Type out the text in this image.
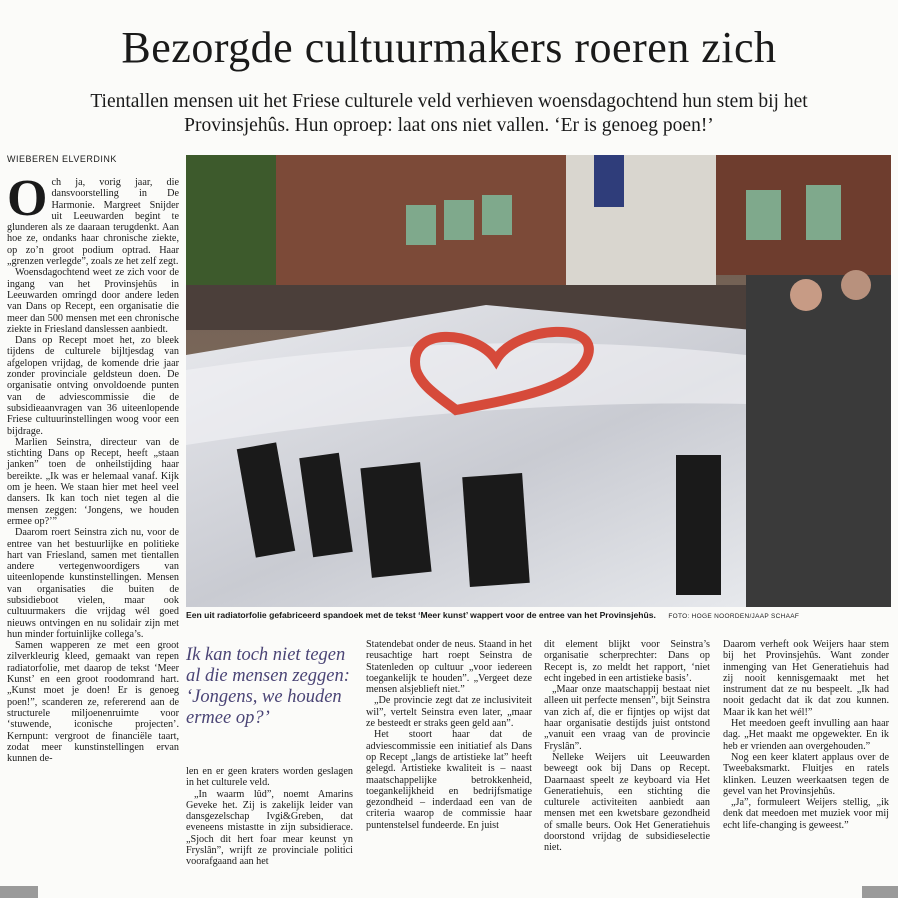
Bezorgde cultuurmakers roeren zich

Tientallen mensen uit het Friese culturele veld verhieven woensdagochtend hun stem bij het Provinsjehûs. Hun oproep: laat ons niet vallen. ‘Er is genoeg poen!’

WIEBEREN ELVERDINK

Och ja, vorig jaar, die dansvoorstelling in De Harmonie. Margreet Snijder uit Leeuwarden begint te glunderen als ze daaraan terugdenkt. Aan hoe ze, ondanks haar chronische ziekte, op zo’n groot podium optrad. Haar „grenzen verlegde”, zoals ze het zelf zegt.

Woensdagochtend weet ze zich voor de ingang van het Provinsjehûs in Leeuwarden omringd door andere leden van Dans op Recept, een organisatie die meer dan 500 mensen met een chronische ziekte in Friesland danslessen aanbiedt.

Dans op Recept moet het, zo bleek tijdens de culturele bijltjesdag van afgelopen vrijdag, de komende drie jaar zonder provinciale geldsteun doen. De organisatie ontving onvoldoende punten van de adviescommissie die de subsidieaanvragen van 36 uiteenlopende Friese cultuurinstellingen woog voor een bijdrage.

Marlien Seinstra, directeur van de stichting Dans op Recept, heeft „staan janken” toen de onheilstijding haar bereikte. „Ik was er helemaal vanaf. Kijk om je heen. We staan hier met heel veel dansers. Ik kan toch niet tegen al die mensen zeggen: ‘Jongens, we houden ermee op?’”

Daarom roert Seinstra zich nu, voor de entree van het bestuurlijke en politieke hart van Friesland, samen met tientallen andere vertegenwoordigers van uiteenlopende kunstinstellingen. Mensen van organisaties die buiten de subsidieboot vielen, maar ook cultuurmakers die vrijdag wél goed nieuws ontvingen en nu solidair zijn met hun minder fortuinlijke collega’s.

Samen wapperen ze met een groot zilverkleurig kleed, gemaakt van repen radiatorfolie, met daarop de tekst ‘Meer Kunst’ en een groot roodomrand hart. „Kunst moet je doen! Er is genoeg poen!”, scanderen ze, refererend aan de structurele miljoenenruimte voor ‘stuwende, iconische projecten’. Kernpunt: vergroot de financiële taart, zodat meer kunstinstellingen ervan kunnen de-

Een uit radiatorfolie gefabriceerd spandoek met de tekst ‘Meer kunst’ wappert voor de entree van het Provinsjehûs. FOTO: HOGE NOORDEN/JAAP SCHAAF
Ik kan toch niet tegen al die mensen zeggen: ‘Jongens, we houden ermee op?’

len en er geen kraters worden geslagen in het culturele veld.

„In waarm lûd”, noemt Amarins Geveke het. Zij is zakelijk leider van dansgezelschap Ivgi&Greben, dat eveneens mistastte in zijn subsidierace. „Sjoch dit hert foar mear keunst yn Fryslân”, wrijft ze provinciale politici voorafgaand aan het

Statendebat onder de neus. Staand in het reusachtige hart roept Seinstra de Statenleden op cultuur „voor iedereen toegankelijk te houden”. „Vergeet deze mensen alsjeblieft niet.”

„De provincie zegt dat ze inclusiviteit wil”, vertelt Seinstra even later, „maar ze besteedt er straks geen geld aan”.

Het stoort haar dat de adviescommissie een initiatief als Dans op Recept „langs de artistieke lat” heeft gelegd. Artistieke kwaliteit is – naast maatschappelijke betrokkenheid, toegankelijkheid en bedrijfsmatige gezondheid – inderdaad een van de criteria waarop de commissie haar puntenstelsel fundeerde. En juist

dit element blijkt voor Seinstra’s organisatie scherprechter: Dans op Recept is, zo meldt het rapport, ‘niet echt ingebed in een artistieke basis’.

„Maar onze maatschappij bestaat niet alleen uit perfecte mensen”, bijt Seinstra van zich af, die er fijntjes op wijst dat haar organisatie destijds juist ontstond „vanuit een vraag van de provincie Fryslân”.

Nelleke Weijers uit Leeuwarden beweegt ook bij Dans op Recept. Daarnaast speelt ze keyboard via Het Generatiehuis, een stichting die culturele activiteiten aanbiedt aan mensen met een kwetsbare gezondheid of smalle beurs. Ook Het Generatiehuis doorstond vrijdag de subsidieselectie niet.

Daarom verheft ook Weijers haar stem bij het Provinsjehûs. Want zonder inmenging van Het Generatiehuis had zij nooit kennisgemaakt met het instrument dat ze nu bespeelt. „Ik had nooit gedacht dat ik dat zou kunnen. Maar ik kan het wél!”

Het meedoen geeft invulling aan haar dag. „Het maakt me opgewekter. En ik heb er vrienden aan overgehouden.”

Nog een keer klatert applaus over de Tweebaksmarkt. Fluitjes en ratels klinken. Leuzen weerkaatsen tegen de gevel van het Provinsjehûs.

„Ja”, formuleert Weijers stellig, „ik denk dat meedoen met muziek voor mij echt life-changing is geweest.”
